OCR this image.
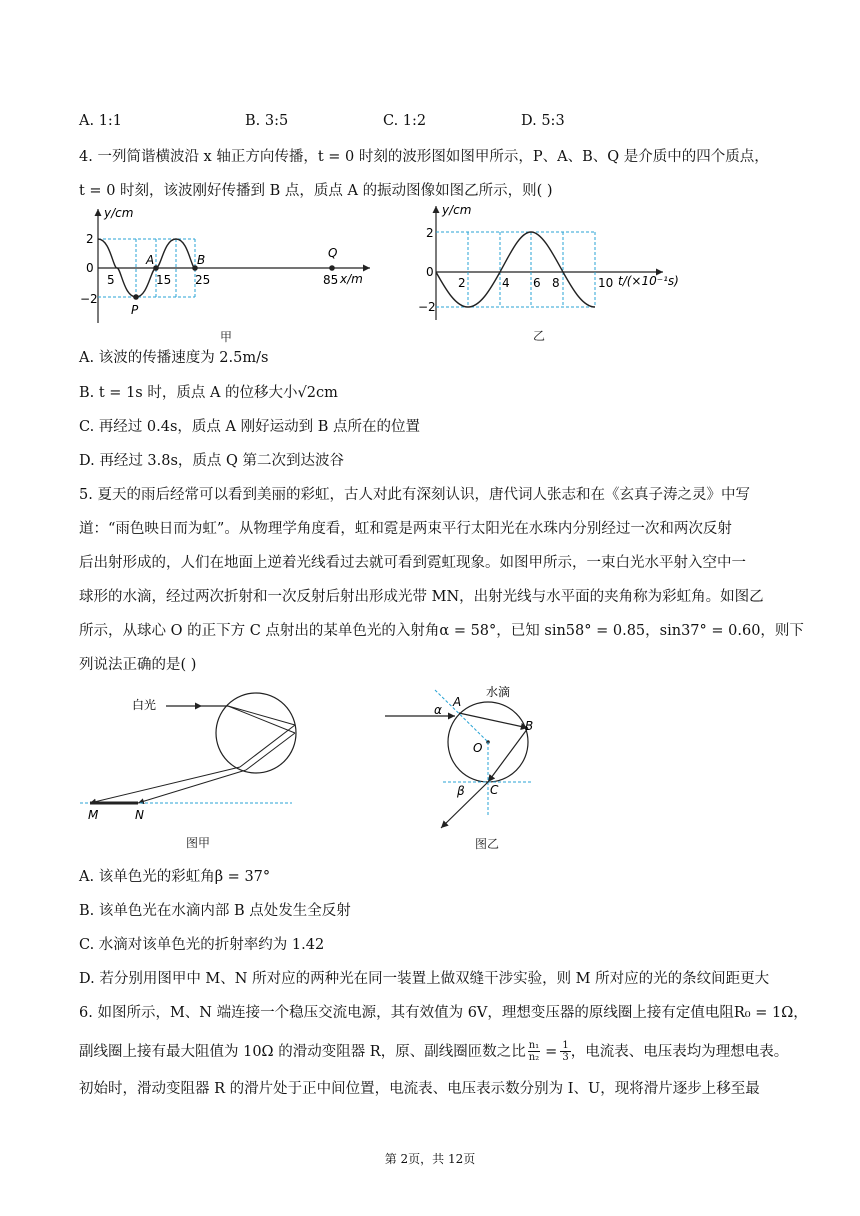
A. 1:1	B. 3:5	C. 1:2	D. 5:3
4. 一列简谐横波沿 x 轴正方向传播，t = 0 时刻的波形图如图甲所示，P、A、B、Q 是介质中的四个质点，
t = 0 时刻，该波刚好传播到 B 点，质点 A 的振动图像如图乙所示，则( )
y/cm
x/m
2
0
−2
A	B
P
Q
5	15 25	85
甲
y/cm
t/(×10⁻¹s)
2
0
−2
2	4 6 8	10
乙
A. 该波的传播速度为 2.5m/s
B. t = 1s 时，质点 A 的位移大小√2cm
C. 再经过 0.4s，质点 A 刚好运动到 B 点所在的位置
D. 再经过 3.8s，质点 Q 第二次到达波谷
5. 夏天的雨后经常可以看到美丽的彩虹，古人对此有深刻认识，唐代词人张志和在《玄真子涛之灵》中写
道：“雨色映日而为虹”。从物理学角度看，虹和霓是两束平行太阳光在水珠内分别经过一次和两次反射
后出射形成的，人们在地面上逆着光线看过去就可看到霓虹现象。如图甲所示，一束白光水平射入空中一
球形的水滴，经过两次折射和一次反射后射出形成光带 MN，出射光线与水平面的夹角称为彩虹角。如图乙
所示，从球心 O 的正下方 C 点射出的某单色光的入射角α = 58°，已知 sin58° = 0.85，sin37° = 0.60，则下
列说法正确的是( )
白光
M	N
图甲
水滴
α
A
B
O
β C
图乙
A. 该单色光的彩虹角β = 37°
B. 该单色光在水滴内部 B 点处发生全反射
C. 水滴对该单色光的折射率约为 1.42
D. 若分别用图甲中 M、N 所对应的两种光在同一装置上做双缝干涉实验，则 M 所对应的光的条纹间距更大
6. 如图所示，M、N 端连接一个稳压交流电源，其有效值为 6V，理想变压器的原线圈上接有定值电阻R₀ = 1Ω，
副线圈上接有最大阻值为 10Ω 的滑动变阻器 R，原、副线圈匝数之比 $\frac{\text{n₁}}{\text{n₂}} = \frac{1}{3}$ ，电流表、电压表均为理想电表。
初始时，滑动变阻器 R 的滑片处于正中间位置，电流表、电压表示数分别为 I、U，现将滑片逐步上移至最
第 2页，共 12页
